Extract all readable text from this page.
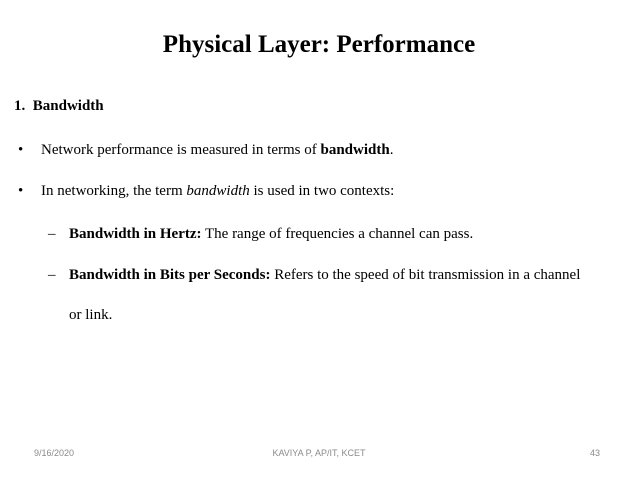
Physical Layer: Performance
1. Bandwidth
• Network performance is measured in terms of bandwidth.
• In networking, the term bandwidth is used in two contexts:
– Bandwidth in Hertz: The range of frequencies a channel can pass.
– Bandwidth in Bits per Seconds: Refers to the speed of bit transmission in a channel
or link.
9/16/2020	KAVIYA P, AP/IT, KCET	43
